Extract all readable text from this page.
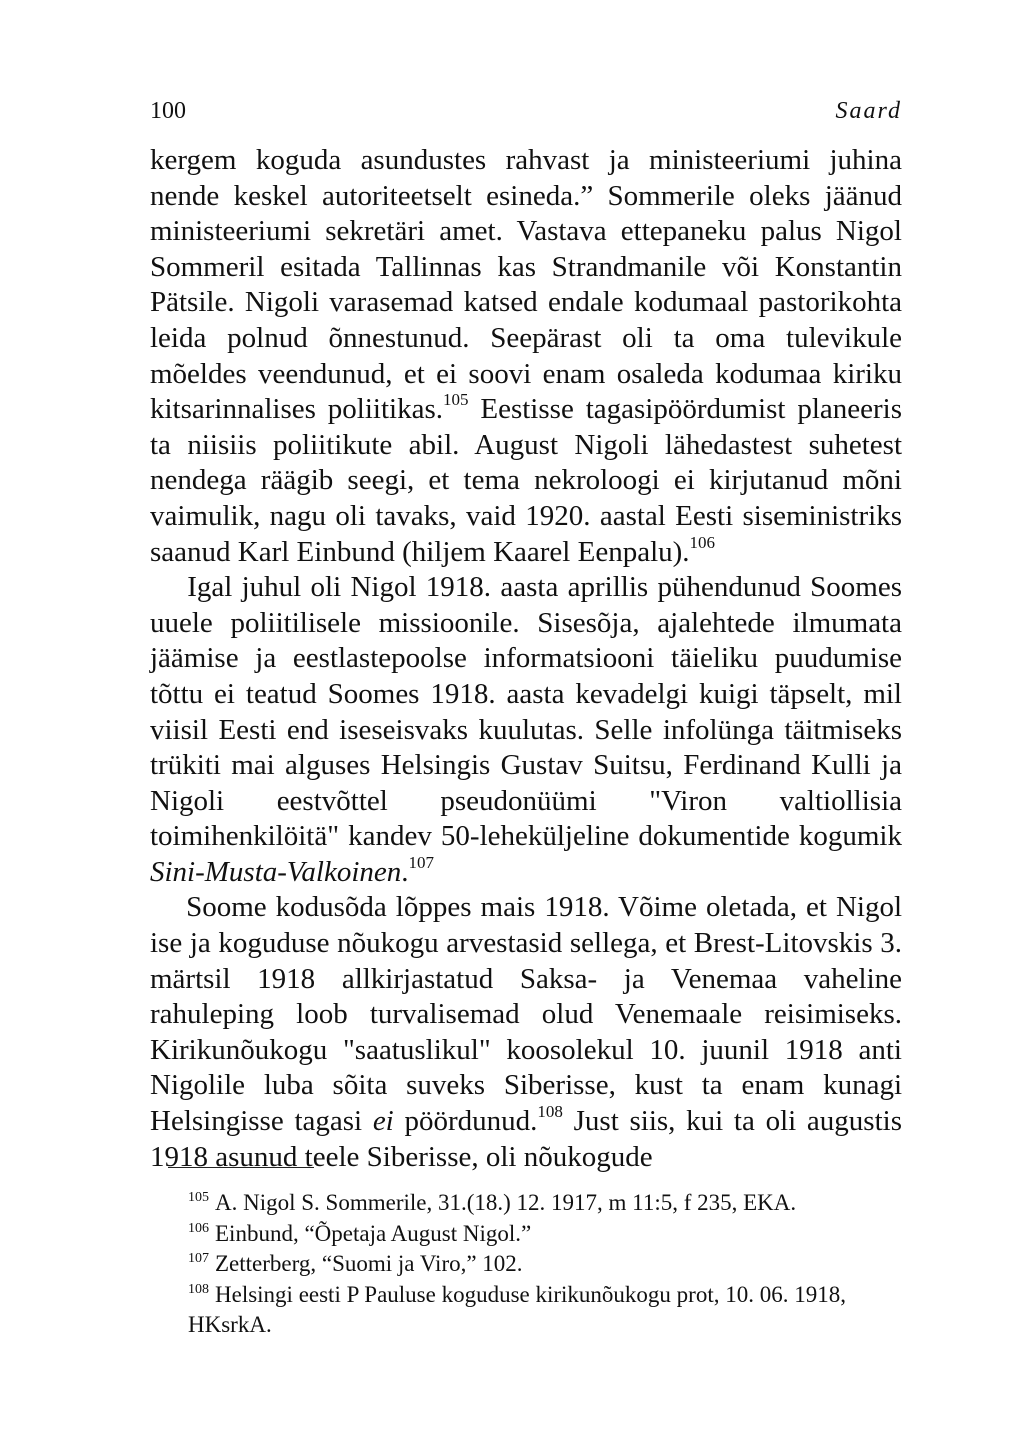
100	Saard

kergem koguda asundustes rahvast ja ministeeriumi juhina nende keskel autoriteetselt esineda.” Sommerile oleks jäänud ministeeriumi sekretäri amet. Vastava ettepaneku palus Nigol Sommeril esitada Tallinnas kas Strandmanile või Konstantin Pätsile. Nigoli varasemad katsed endale kodumaal pastorikohta leida polnud õnnestunud. Seepärast oli ta oma tulevikule mõeldes veendunud, et ei soovi enam osaleda kodumaa kiriku kitsarinnalises poliitikas.$^{105}$ Eestisse tagasipöördumist planeeris ta niisiis poliitikute abil. August Nigoli lähedastest suhetest nendega räägib seegi, et tema nekroloogi ei kirjutanud mõni vaimulik, nagu oli tavaks, vaid 1920. aastal Eesti siseministriks saanud Karl Einbund (hiljem Kaarel Eenpalu).$^{106}$

Igal juhul oli Nigol 1918. aasta aprillis pühendunud Soomes uuele poliitilisele missioonile. Sisesõja, ajalehtede ilmumata jäämise ja eestlastepoolse informatsiooni täieliku puudumise tõttu ei teatud Soomes 1918. aasta kevadelgi kuigi täpselt, mil viisil Eesti end iseseisvaks kuulutas. Selle infolünga täitmiseks trükiti mai alguses Helsingis Gustav Suitsu, Ferdinand Kulli ja Nigoli eestvõttel pseudonüümi "Viron valtiollisia toimihenkilöitä" kandev 50-leheküljeline dokumentide kogumik Sini-Musta-Valkoinen.$^{107}$

Soome kodusõda lõppes mais 1918. Võime oletada, et Nigol ise ja koguduse nõukogu arvestasid sellega, et Brest-Litovskis 3. märtsil 1918 allkirjastatud Saksa- ja Venemaa vaheline rahuleping loob turvalisemad olud Venemaale reisimiseks. Kirikunõukogu "saatuslikul" koosolekul 10. juunil 1918 anti Nigolile luba sõita suveks Siberisse, kust ta enam kunagi Helsingisse tagasi ei pöördunud.$^{108}$ Just siis, kui ta oli augustis 1918 asunud teele Siberisse, oli nõukogude

$^{105}$ A. Nigol S. Sommerile, 31.(18.) 12. 1917, m 11:5, f 235, EKA.

$^{106}$ Einbund, “Õpetaja August Nigol.”

$^{107}$ Zetterberg, “Suomi ja Viro,” 102.

$^{108}$ Helsingi eesti P Pauluse koguduse kirikunõukogu prot, 10. 06. 1918, HKsrkA.
